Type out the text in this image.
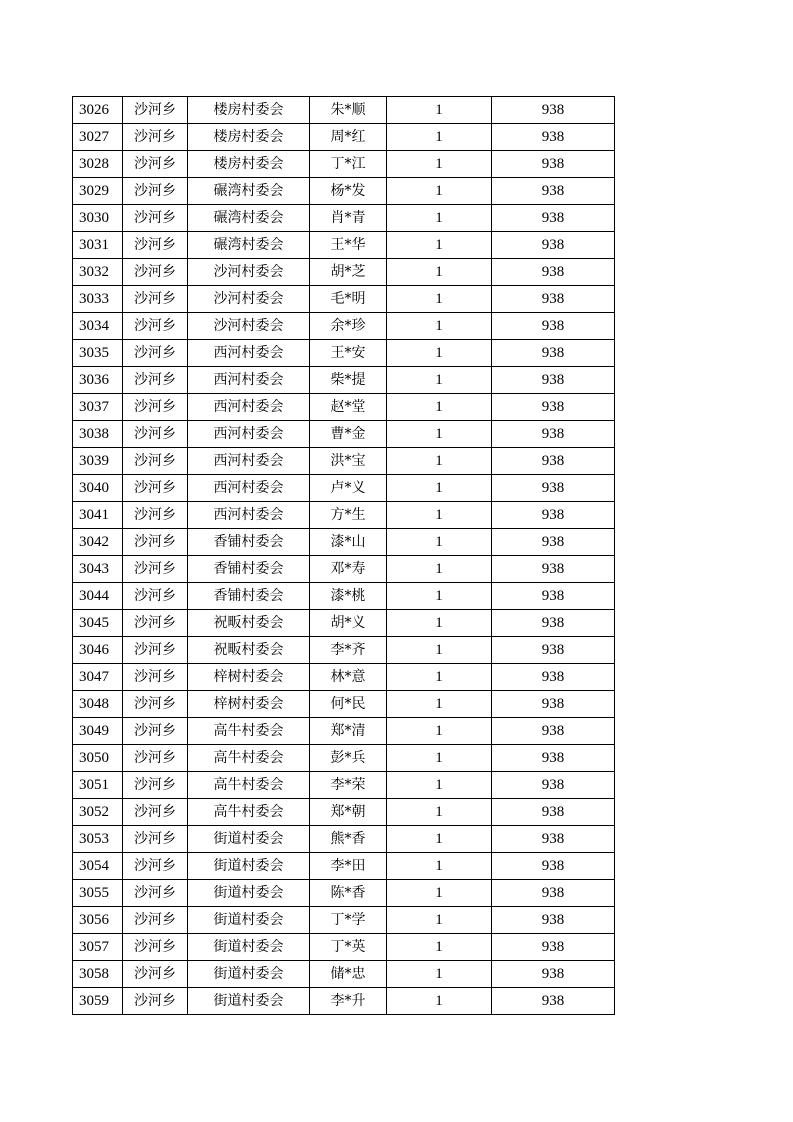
3026	沙河乡	楼房村委会	朱*顺	1	938
3027	沙河乡	楼房村委会	周*红	1	938
3028	沙河乡	楼房村委会	丁*江	1	938
3029	沙河乡	碾湾村委会	杨*发	1	938
3030	沙河乡	碾湾村委会	肖*青	1	938
3031	沙河乡	碾湾村委会	王*华	1	938
3032	沙河乡	沙河村委会	胡*芝	1	938
3033	沙河乡	沙河村委会	毛*明	1	938
3034	沙河乡	沙河村委会	余*珍	1	938
3035	沙河乡	西河村委会	王*安	1	938
3036	沙河乡	西河村委会	柴*提	1	938
3037	沙河乡	西河村委会	赵*堂	1	938
3038	沙河乡	西河村委会	曹*金	1	938
3039	沙河乡	西河村委会	洪*宝	1	938
3040	沙河乡	西河村委会	卢*义	1	938
3041	沙河乡	西河村委会	方*生	1	938
3042	沙河乡	香铺村委会	漆*山	1	938
3043	沙河乡	香铺村委会	邓*寿	1	938
3044	沙河乡	香铺村委会	漆*桃	1	938
3045	沙河乡	祝畈村委会	胡*义	1	938
3046	沙河乡	祝畈村委会	李*齐	1	938
3047	沙河乡	梓树村委会	林*意	1	938
3048	沙河乡	梓树村委会	何*民	1	938
3049	沙河乡	高牛村委会	郑*清	1	938
3050	沙河乡	高牛村委会	彭*兵	1	938
3051	沙河乡	高牛村委会	李*荣	1	938
3052	沙河乡	高牛村委会	郑*朝	1	938
3053	沙河乡	街道村委会	熊*香	1	938
3054	沙河乡	街道村委会	李*田	1	938
3055	沙河乡	街道村委会	陈*香	1	938
3056	沙河乡	街道村委会	丁*学	1	938
3057	沙河乡	街道村委会	丁*英	1	938
3058	沙河乡	街道村委会	储*忠	1	938
3059	沙河乡	街道村委会	李*升	1	938
